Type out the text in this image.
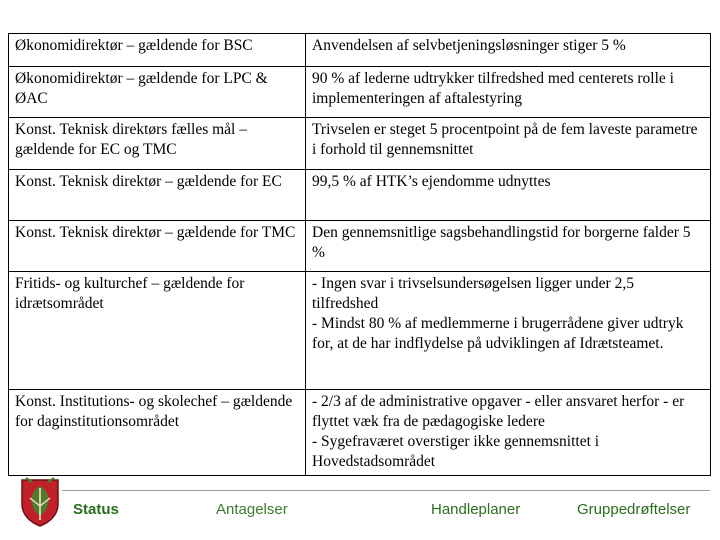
Økonomidirektør – gældende for BSC	Anvendelsen af selvbetjeningsløsninger stiger 5 %

Økonomidirektør – gældende for LPC & ØAC	90 % af lederne udtrykker tilfredshed med centerets rolle i implementeringen af aftalestyring

Konst. Teknisk direktørs fælles mål – gældende for EC og TMC	Trivselen er steget 5 procentpoint på de fem laveste parametre i forhold til gennemsnittet

Konst. Teknisk direktør – gældende for EC	99,5 % af HTK’s ejendomme udnyttes

Konst. Teknisk direktør – gældende for TMC	Den gennemsnitlige sagsbehandlingstid for borgerne falder 5 %

Fritids- og kulturchef – gældende for idrætsområdet	- Ingen svar i trivselsundersøgelsen ligger under 2,5 tilfredshed
- Mindst 80 % af medlemmerne i brugerrådene giver udtryk for, at de har indflydelse på udviklingen af Idrætsteamet.

Konst. Institutions- og skolechef – gældende for daginstitutionsområdet	- 2/3 af de administrative opgaver - eller ansvaret herfor - er flyttet væk fra de pædagogiske ledere
- Sygefraværet overstiger ikke gennemsnittet i Hovedstadsområdet
Status	Antagelser	Handleplaner	Gruppedrøftelser
